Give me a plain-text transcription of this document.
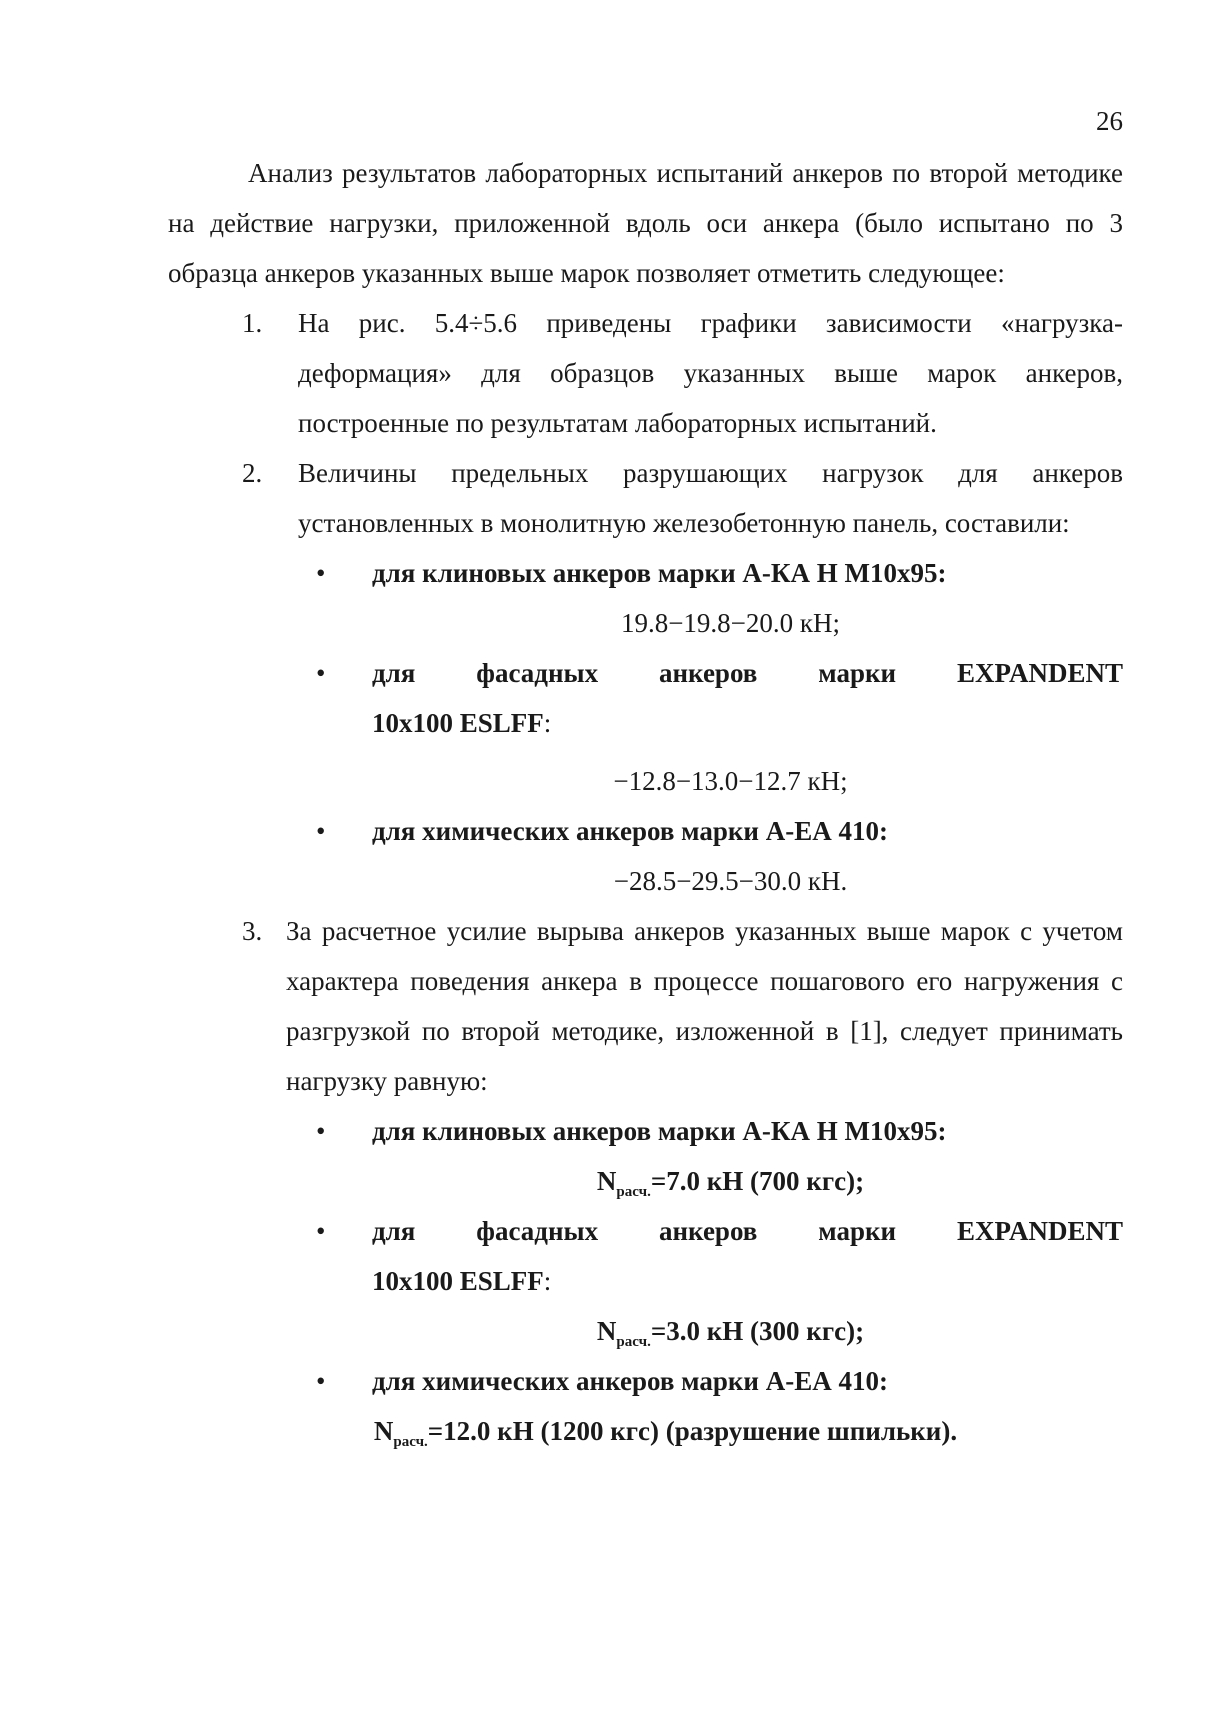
26

Анализ результатов лабораторных испытаний анкеров по второй методике на действие нагрузки, приложенной вдоль оси анкера (было испытано по 3 образца анкеров указанных выше марок позволяет отметить следующее:

1. На рис. 5.4÷5.6 приведены графики зависимости «нагрузка-деформация» для образцов указанных выше марок анкеров, построенные по результатам лабораторных испытаний.
2. Величины предельных разрушающих нагрузок для анкеров установленных в монолитную железобетонную панель, составили:
• для клиновых анкеров марки А-КА Н М10х95:

19.8−19.8−20.0 кН;

• для фасадных анкеров марки EXPANDENT
10х100 ESLFF:

−12.8−13.0−12.7 кН;

• для химических анкеров марки А-ЕА 410:

−28.5−29.5−30.0 кН.

3. За расчетное усилие вырыва анкеров указанных выше марок с учетом характера поведения анкера в процессе пошагового его нагружения с разгрузкой по второй методике, изложенной в [1], следует принимать нагрузку равную:
• для клиновых анкеров марки А-КА Н М10х95:

$N_{расч.}=7.0$ кН (700 кгс);

• для фасадных анкеров марки EXPANDENT
10х100 ESLFF:

$N_{расч.}=3.0$ кН (300 кгс);

• для химических анкеров марки А-ЕА 410:

$N_{расч.}=12.0$ кН (1200 кгс) (разрушение шпильки).
